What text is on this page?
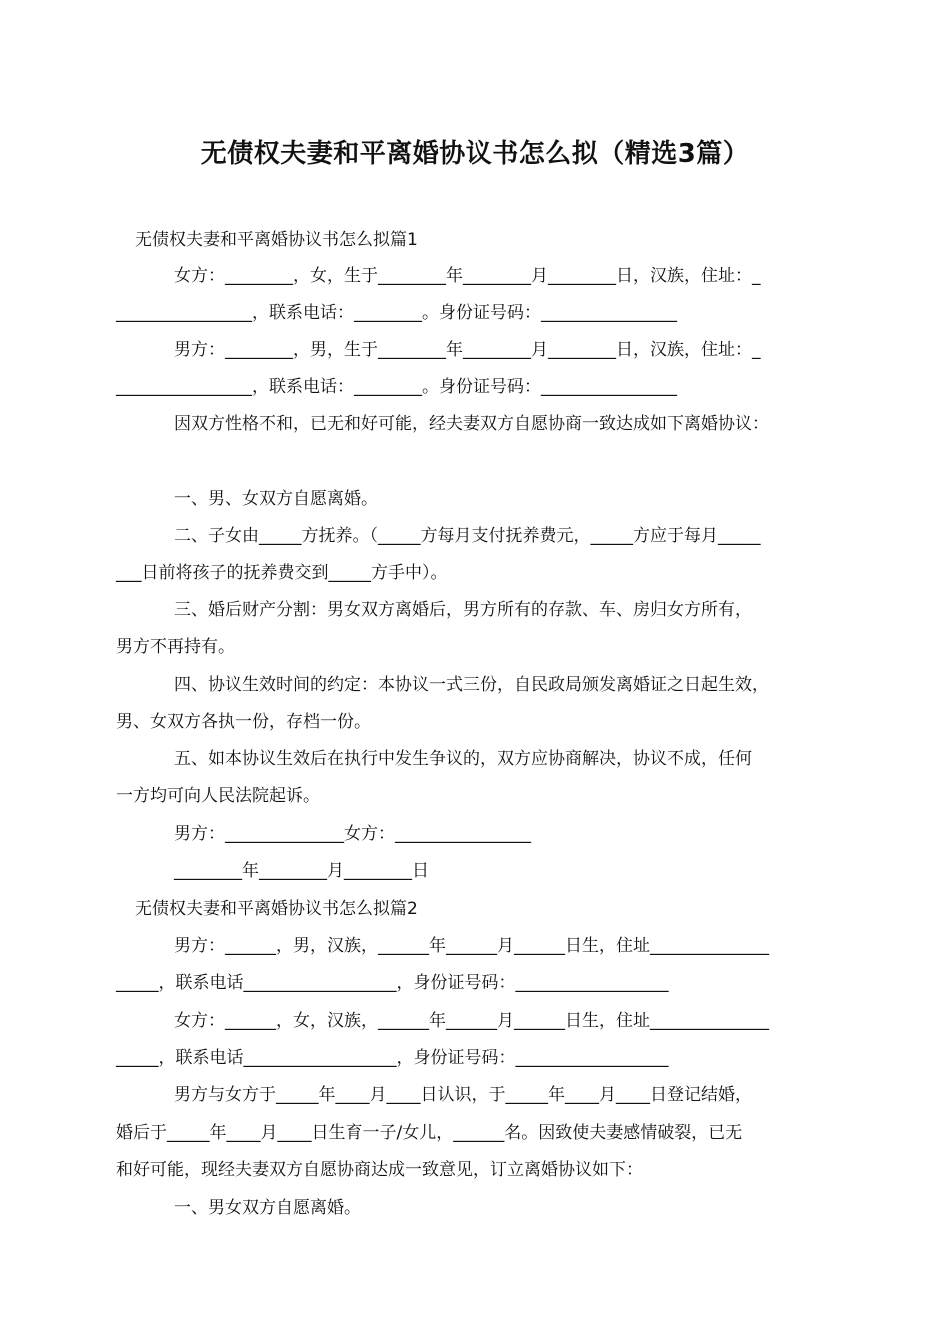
无债权夫妻和平离婚协议书怎么拟（精选3篇）
无债权夫妻和平离婚协议书怎么拟篇1
女方：________，女，生于________年________月________日，汉族，住址：_
________________，联系电话：________。身份证号码：________________
男方：________，男，生于________年________月________日，汉族，住址：_
________________，联系电话：________。身份证号码：________________
因双方性格不和，已无和好可能，经夫妻双方自愿协商一致达成如下离婚协议：
一、男、女双方自愿离婚。
二、子女由_____方抚养。（_____方每月支付抚养费元，_____方应于每月_____
___日前将孩子的抚养费交到_____方手中）。
三、婚后财产分割：男女双方离婚后，男方所有的存款、车、房归女方所有，
男方不再持有。
四、协议生效时间的约定：本协议一式三份，自民政局颁发离婚证之日起生效，
男、女双方各执一份，存档一份。
五、如本协议生效后在执行中发生争议的，双方应协商解决，协议不成，任何
一方均可向人民法院起诉。
男方：______________女方：________________
________年________月________日
无债权夫妻和平离婚协议书怎么拟篇2
男方：______，男，汉族，______年______月______日生，住址______________
_____，联系电话__________________，身份证号码：__________________
女方：______，女，汉族，______年______月______日生，住址______________
_____，联系电话__________________，身份证号码：__________________
男方与女方于_____年____月____日认识，于_____年____月____日登记结婚，
婚后于_____年____月____日生育一子/女儿，______名。因致使夫妻感情破裂，已无
和好可能，现经夫妻双方自愿协商达成一致意见，订立离婚协议如下：
一、男女双方自愿离婚。
